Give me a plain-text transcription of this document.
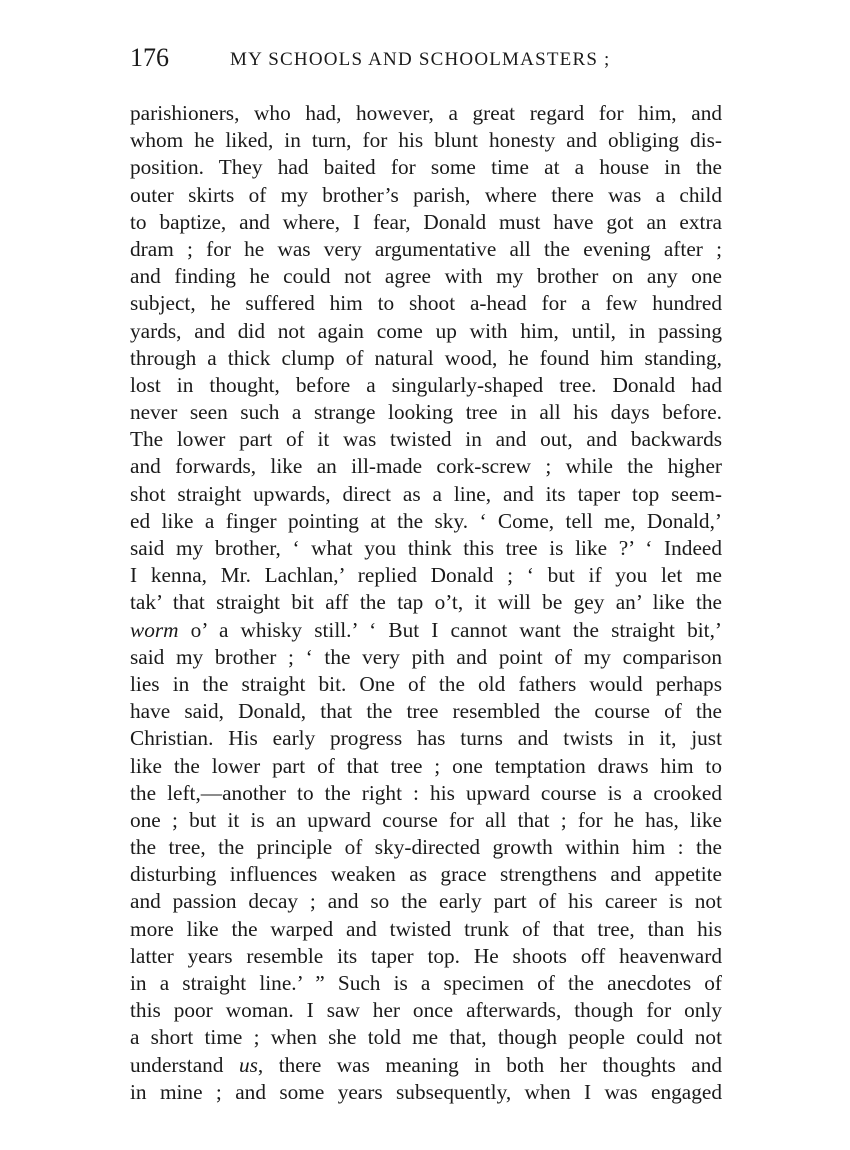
176	MY SCHOOLS AND SCHOOLMASTERS ;
parishioners, who had, however, a great regard for him, and
whom he liked, in turn, for his blunt honesty and obliging dis-
position. They had baited for some time at a house in the
outer skirts of my brother’s parish, where there was a child
to baptize, and where, I fear, Donald must have got an extra
dram ; for he was very argumentative all the evening after ;
and finding he could not agree with my brother on any one
subject, he suffered him to shoot a-head for a few hundred
yards, and did not again come up with him, until, in passing
through a thick clump of natural wood, he found him standing,
lost in thought, before a singularly-shaped tree. Donald had
never seen such a strange looking tree in all his days before.
The lower part of it was twisted in and out, and backwards
and forwards, like an ill-made cork-screw ; while the higher
shot straight upwards, direct as a line, and its taper top seem-
ed like a finger pointing at the sky. ‘ Come, tell me, Donald,’
said my brother, ‘ what you think this tree is like ?’ ‘ Indeed
I kenna, Mr. Lachlan,’ replied Donald ; ‘ but if you let me
tak’ that straight bit aff the tap o’t, it will be gey an’ like the
worm o’ a whisky still.’ ‘ But I cannot want the straight bit,’
said my brother ; ‘ the very pith and point of my comparison
lies in the straight bit. One of the old fathers would perhaps
have said, Donald, that the tree resembled the course of the
Christian. His early progress has turns and twists in it, just
like the lower part of that tree ; one temptation draws him to
the left,—another to the right : his upward course is a crooked
one ; but it is an upward course for all that ; for he has, like
the tree, the principle of sky-directed growth within him : the
disturbing influences weaken as grace strengthens and appetite
and passion decay ; and so the early part of his career is not
more like the warped and twisted trunk of that tree, than his
latter years resemble its taper top. He shoots off heavenward
in a straight line.’ ” Such is a specimen of the anecdotes of
this poor woman. I saw her once afterwards, though for only
a short time ; when she told me that, though people could not
understand us, there was meaning in both her thoughts and
in mine ; and some years subsequently, when I was engaged
